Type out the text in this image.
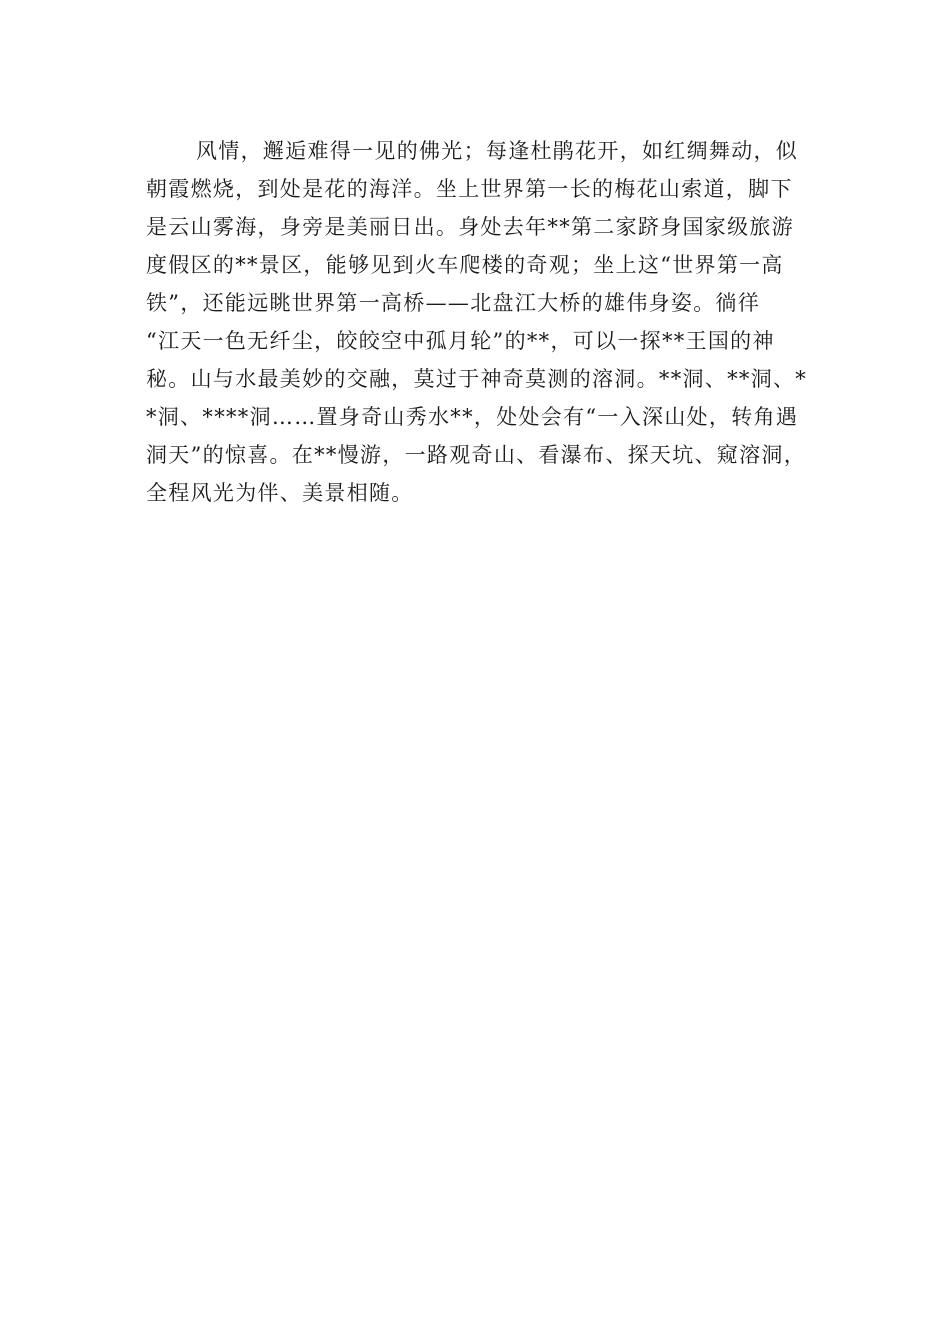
风情，邂逅难得一见的佛光；每逢杜鹃花开，如红绸舞动，似
朝霞燃烧，到处是花的海洋。坐上世界第一长的梅花山索道，脚下
是云山雾海，身旁是美丽日出。身处去年**第二家跻身国家级旅游
度假区的**景区，能够见到火车爬楼的奇观；坐上这“世界第一高
铁”，还能远眺世界第一高桥——北盘江大桥的雄伟身姿。徜徉
“江天一色无纤尘，皎皎空中孤月轮”的**，可以一探**王国的神
秘。山与水最美妙的交融，莫过于神奇莫测的溶洞。**洞、**洞、*
*洞、****洞……置身奇山秀水**，处处会有“一入深山处，转角遇
洞天”的惊喜。在**慢游，一路观奇山、看瀑布、探天坑、窥溶洞，
全程风光为伴、美景相随。
